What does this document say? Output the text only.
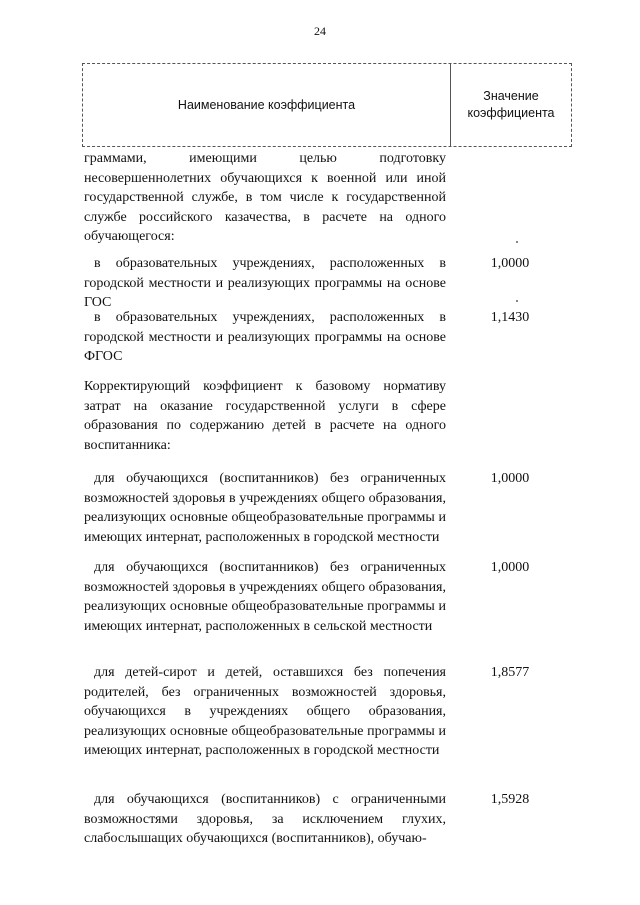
24
Наименование коэффициента
Значение
коэффициента
граммами, имеющими целью подготовку несовершеннолетних обучающихся к военной или иной государственной службе, в том числе к государственной службе российского казачества, в расчете на одного обучающегося:
в образовательных учреждениях, расположенных в городской местности и реализующих программы на основе ГОС
1,0000
в образовательных учреждениях, расположенных в городской местности и реализующих программы на основе ФГОС
1,1430
Корректирующий коэффициент к базовому нормативу затрат на оказание государственной услуги в сфере образования по содержанию детей в расчете на одного воспитанника:
для обучающихся (воспитанников) без ограниченных возможностей здоровья в учреждениях общего образования, реализующих основные общеобразовательные программы и имеющих интернат, расположенных в городской местности
1,0000
для обучающихся (воспитанников) без ограниченных возможностей здоровья в учреждениях общего образования, реализующих основные общеобразовательные программы и имеющих интернат, расположенных в сельской местности
1,0000
для детей-сирот и детей, оставшихся без попечения родителей, без ограниченных возможностей здоровья, обучающихся в учреждениях общего образования, реализующих основные общеобразовательные программы и имеющих интернат, расположенных в городской местности
1,8577
для обучающихся (воспитанников) с ограниченными возможностями здоровья, за исключением глухих, слабослышащих обучающихся (воспитанников), обучаю-
1,5928
